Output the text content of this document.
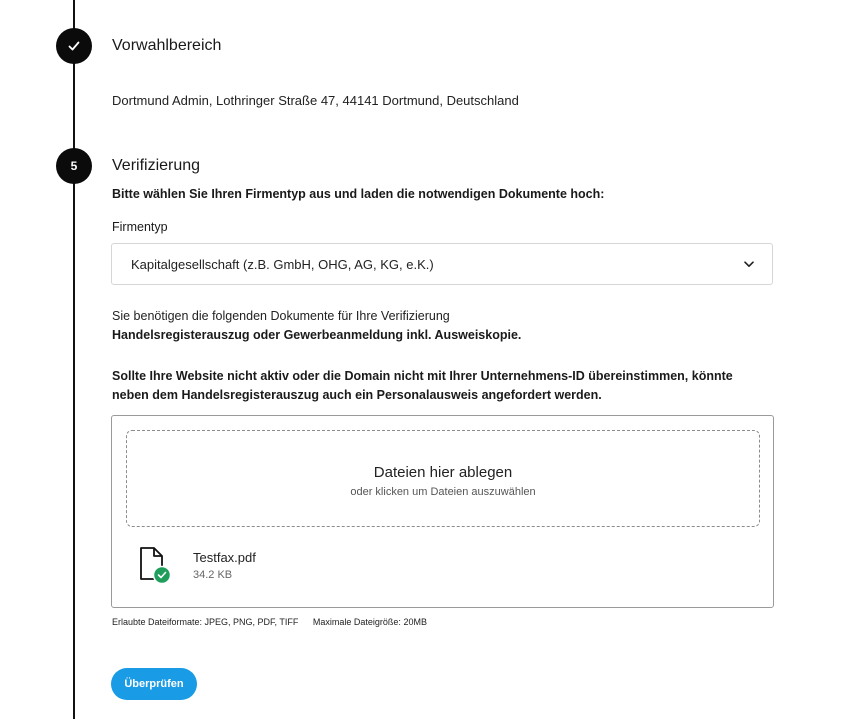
Vorwahlbereich
Dortmund Admin, Lothringer Straße 47, 44141 Dortmund, Deutschland
5	Verifizierung
Bitte wählen Sie Ihren Firmentyp aus und laden die notwendigen Dokumente hoch:
Firmentyp
Kapitalgesellschaft (z.B. GmbH, OHG, AG, KG, e.K.)
Sie benötigen die folgenden Dokumente für Ihre Verifizierung
Handelsregisterauszug oder Gewerbeanmeldung inkl. Ausweiskopie.
Sollte Ihre Website nicht aktiv oder die Domain nicht mit Ihrer Unternehmens-ID übereinstimmen, könnte neben dem Handelsregisterauszug auch ein Personalausweis angefordert werden.
Dateien hier ablegen
oder klicken um Dateien auszuwählen
Testfax.pdf
34.2 KB
Erlaubte Dateiformate: JPEG, PNG, PDF, TIFF Maximale Dateigröße: 20MB
Überprüfen
